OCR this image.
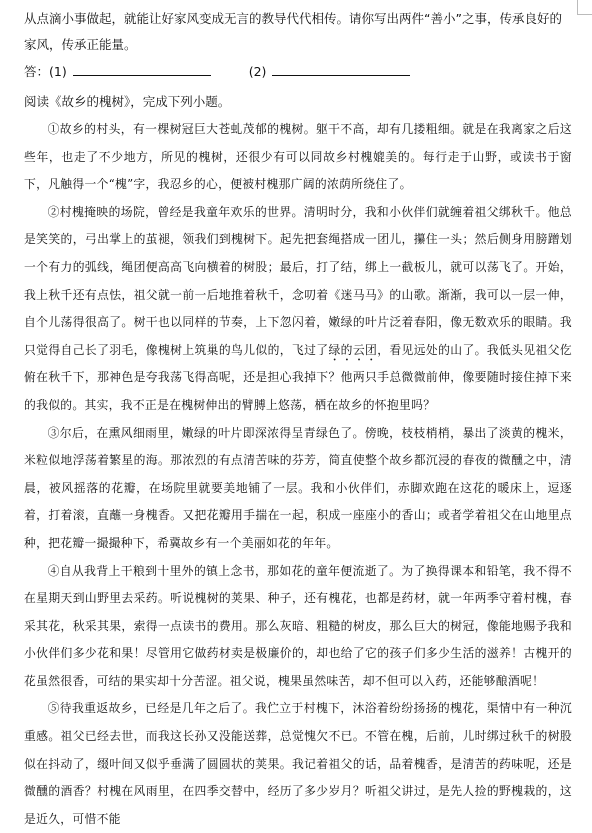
从点滴小事做起，就能让好家风变成无言的教导代代相传。请你写出两件“善小”之事，传承良好的家风，传承正能量。
答：(1)	(2)
阅读《故乡的槐树》，完成下列小题。

①故乡的村头，有一棵树冠巨大苍虬茂郁的槐树。躯干不高，却有几搂粗细。就是在我离家之后这些年，也走了不少地方，所见的槐树，还很少有可以同故乡村槐媲美的。每行走于山野，或读书于窗下，凡触得一个“槐”字，我忍乡的心，便被村槐那广阔的浓荫所绕住了。

②村槐掩映的场院，曾经是我童年欢乐的世界。清明时分，我和小伙伴们就缠着祖父绑秋千。他总是笑笑的，弓出掌上的茧褪，领我们到槐树下。起先把套绳搭成一团儿，攥住一头；然后侧身用膀蹭划一个有力的弧线，绳团便高高飞向横着的树股；最后，打了结，绑上一截板儿，就可以荡飞了。开始，我上秋千还有点怯，祖父就一前一后地推着秋千，念叨着《迷马马》的山歌。渐渐，我可以一层一伸，自个儿荡得很高了。树干也以同样的节奏，上下忽闪着，嫩绿的叶片泛着春阳，像无数欢乐的眼睛。我只觉得自己长了羽毛，像槐树上筑巢的鸟儿似的，飞过了绿的云团，看见远处的山了。我低头见祖父仡俯在秋千下，那神色是夸我荡飞得高呢，还是担心我掉下？他两只手总微微前伸，像要随时接住掉下来的我似的。其实，我不正是在槐树伸出的臂膊上悠荡，栖在故乡的怀抱里吗？

③尔后，在熏风细雨里，嫩绿的叶片即深浓得呈青绿色了。傍晚，枝枝梢梢，暴出了淡黄的槐米，米粒似地浮荡着繁星的海。那浓烈的有点清苦味的芬芳，简直使整个故乡都沉浸的春夜的微醺之中，清晨，被风摇落的花瓣，在场院里就要美地铺了一层。我和小伙伴们，赤脚欢跑在这花的暖床上，逗逐着，打着滚，直蘸一身槐香。又把花瓣用手揣在一起，积成一座座小的香山；或者学着祖父在山地里点种，把花瓣一撮撮种下，希冀故乡有一个美丽如花的年年。

④自从我背上干粮到十里外的镇上念书，那如花的童年便流逝了。为了换得课本和铅笔，我不得不在星期天到山野里去采药。听说槐树的荚果、种子，还有槐花，也都是药材，就一年两季守着村槐，春采其花，秋采其果，索得一点读书的费用。那么灰暗、粗糙的树皮，那么巨大的树冠，像能地赐予我和小伙伴们多少花和果！尽管用它做药材卖是极廉价的，却也给了它的孩子们多少生活的滋养！古槐开的花虽然很香，可结的果实却十分苦涩。祖父说，槐果虽然味苦，却不但可以入药，还能够酿酒呢！

⑤待我重返故乡，已经是几年之后了。我伫立于村槐下，沐浴着纷纷扬扬的槐花，渠情中有一种沉重感。祖父已经去世，而我这长孙又没能送葬，总觉愧欠不已。不管在槐，后前，儿时绑过秋千的树股似在抖动了，缀叶间又似乎垂满了圆圆状的荚果。我记着祖父的话，品着槐香，是清苦的药味呢，还是微醺的酒香？村槐在风雨里，在四季交替中，经历了多少岁月？听祖父讲过，是先人捡的野槐栽的，这是近久，可惜不能
